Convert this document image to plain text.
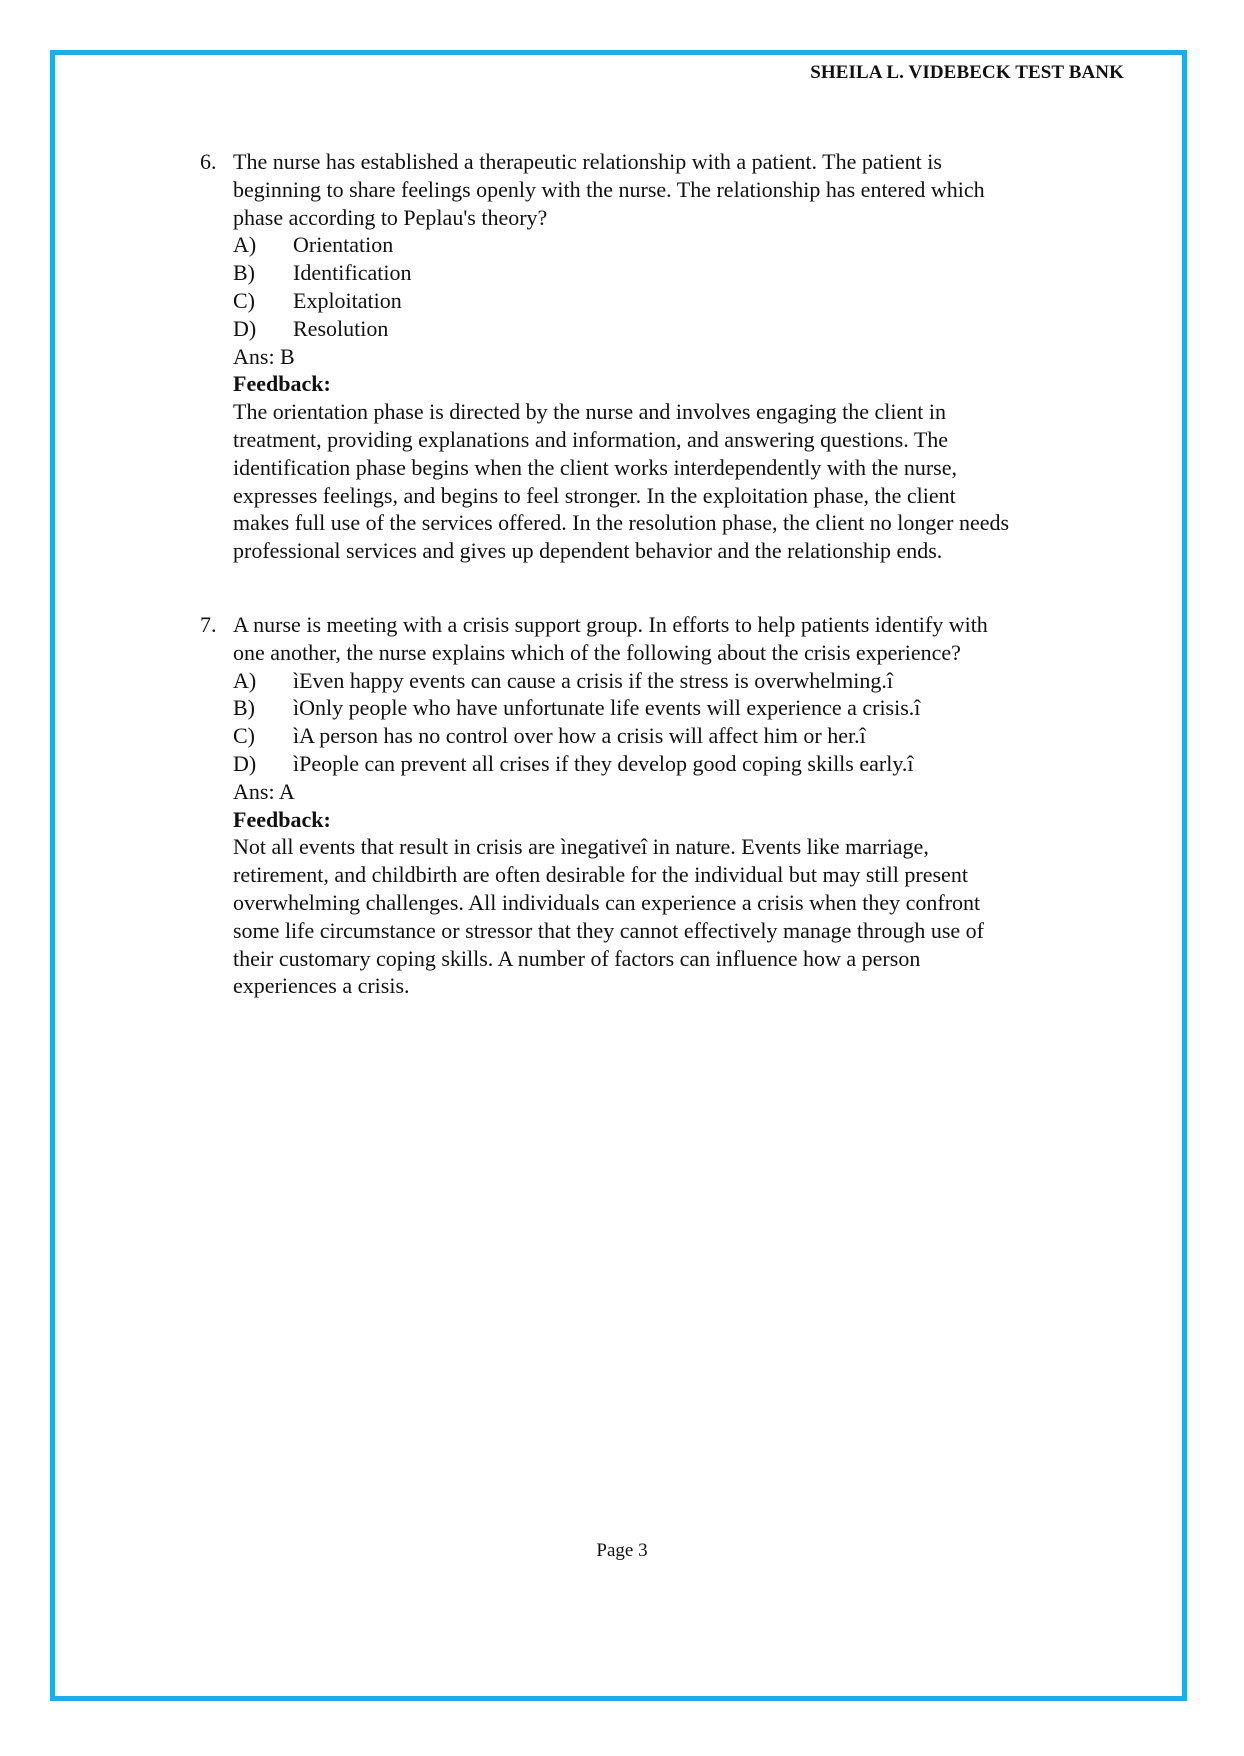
SHEILA L. VIDEBECK TEST BANK
6. The nurse has established a therapeutic relationship with a patient. The patient is
beginning to share feelings openly with the nurse. The relationship has entered which
phase according to Peplau's theory?
A) Orientation
B) Identification
C) Exploitation
D) Resolution
Ans: B
Feedback:
The orientation phase is directed by the nurse and involves engaging the client in
treatment, providing explanations and information, and answering questions. The
identification phase begins when the client works interdependently with the nurse,
expresses feelings, and begins to feel stronger. In the exploitation phase, the client
makes full use of the services offered. In the resolution phase, the client no longer needs
professional services and gives up dependent behavior and the relationship ends.
7. A nurse is meeting with a crisis support group. In efforts to help patients identify with
one another, the nurse explains which of the following about the crisis experience?
A) ìEven happy events can cause a crisis if the stress is overwhelming.î
B) ìOnly people who have unfortunate life events will experience a crisis.î
C) ìA person has no control over how a crisis will affect him or her.î
D) ìPeople can prevent all crises if they develop good coping skills early.î
Ans: A
Feedback:
Not all events that result in crisis are ìnegativeî in nature. Events like marriage,
retirement, and childbirth are often desirable for the individual but may still present
overwhelming challenges. All individuals can experience a crisis when they confront
some life circumstance or stressor that they cannot effectively manage through use of
their customary coping skills. A number of factors can influence how a person
experiences a crisis.
Page 3
